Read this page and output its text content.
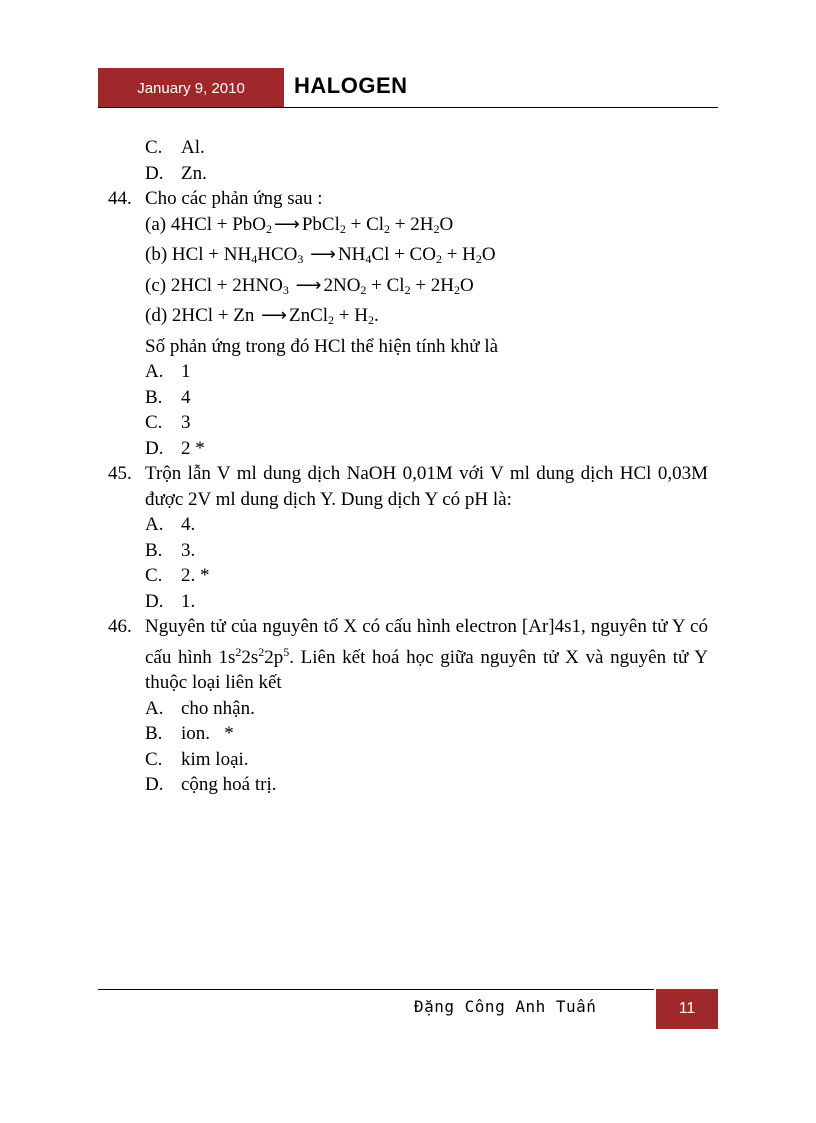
January 9, 2010	HALOGEN
C. Al.
D. Zn.
44. Cho các phản ứng sau :
(a) 4HCl + PbO$_2$ ⟶ PbCl$_2$ + $Cl_2 + 2H_2O$
(b) HCl + $NH_4HCO_3$ ⟶ $NH_4Cl + CO_2 + H_2O$
(c) $2HCl + 2HNO_3$ ⟶ $2NO_2 + Cl_2 + 2H_2O$
(d) 2HCl + Zn ⟶ ZnCl$_2$ + $H_2$.
Số phản ứng trong đó HCl thể hiện tính khử là
A. 1
B. 4
C. 3
D. 2 *
45. Trộn lẫn V ml dung dịch NaOH 0,01M với V ml dung dịch HCl 0,03M được 2V ml dung dịch Y. Dung dịch Y có pH là:
A. 4.
B. 3.
C. 2. *
D. 1.
46. Nguyên tử của nguyên tố X có cấu hình electron [Ar]4s1, nguyên tử Y có cấu hình $1s^22s^22p^5$. Liên kết hoá học giữa nguyên tử X và nguyên tử Y thuộc loại liên kết
A. cho nhận.
B. ion.   *
C. kim loại.
D. cộng hoá trị.
Đặng Công Anh Tuấn	11
